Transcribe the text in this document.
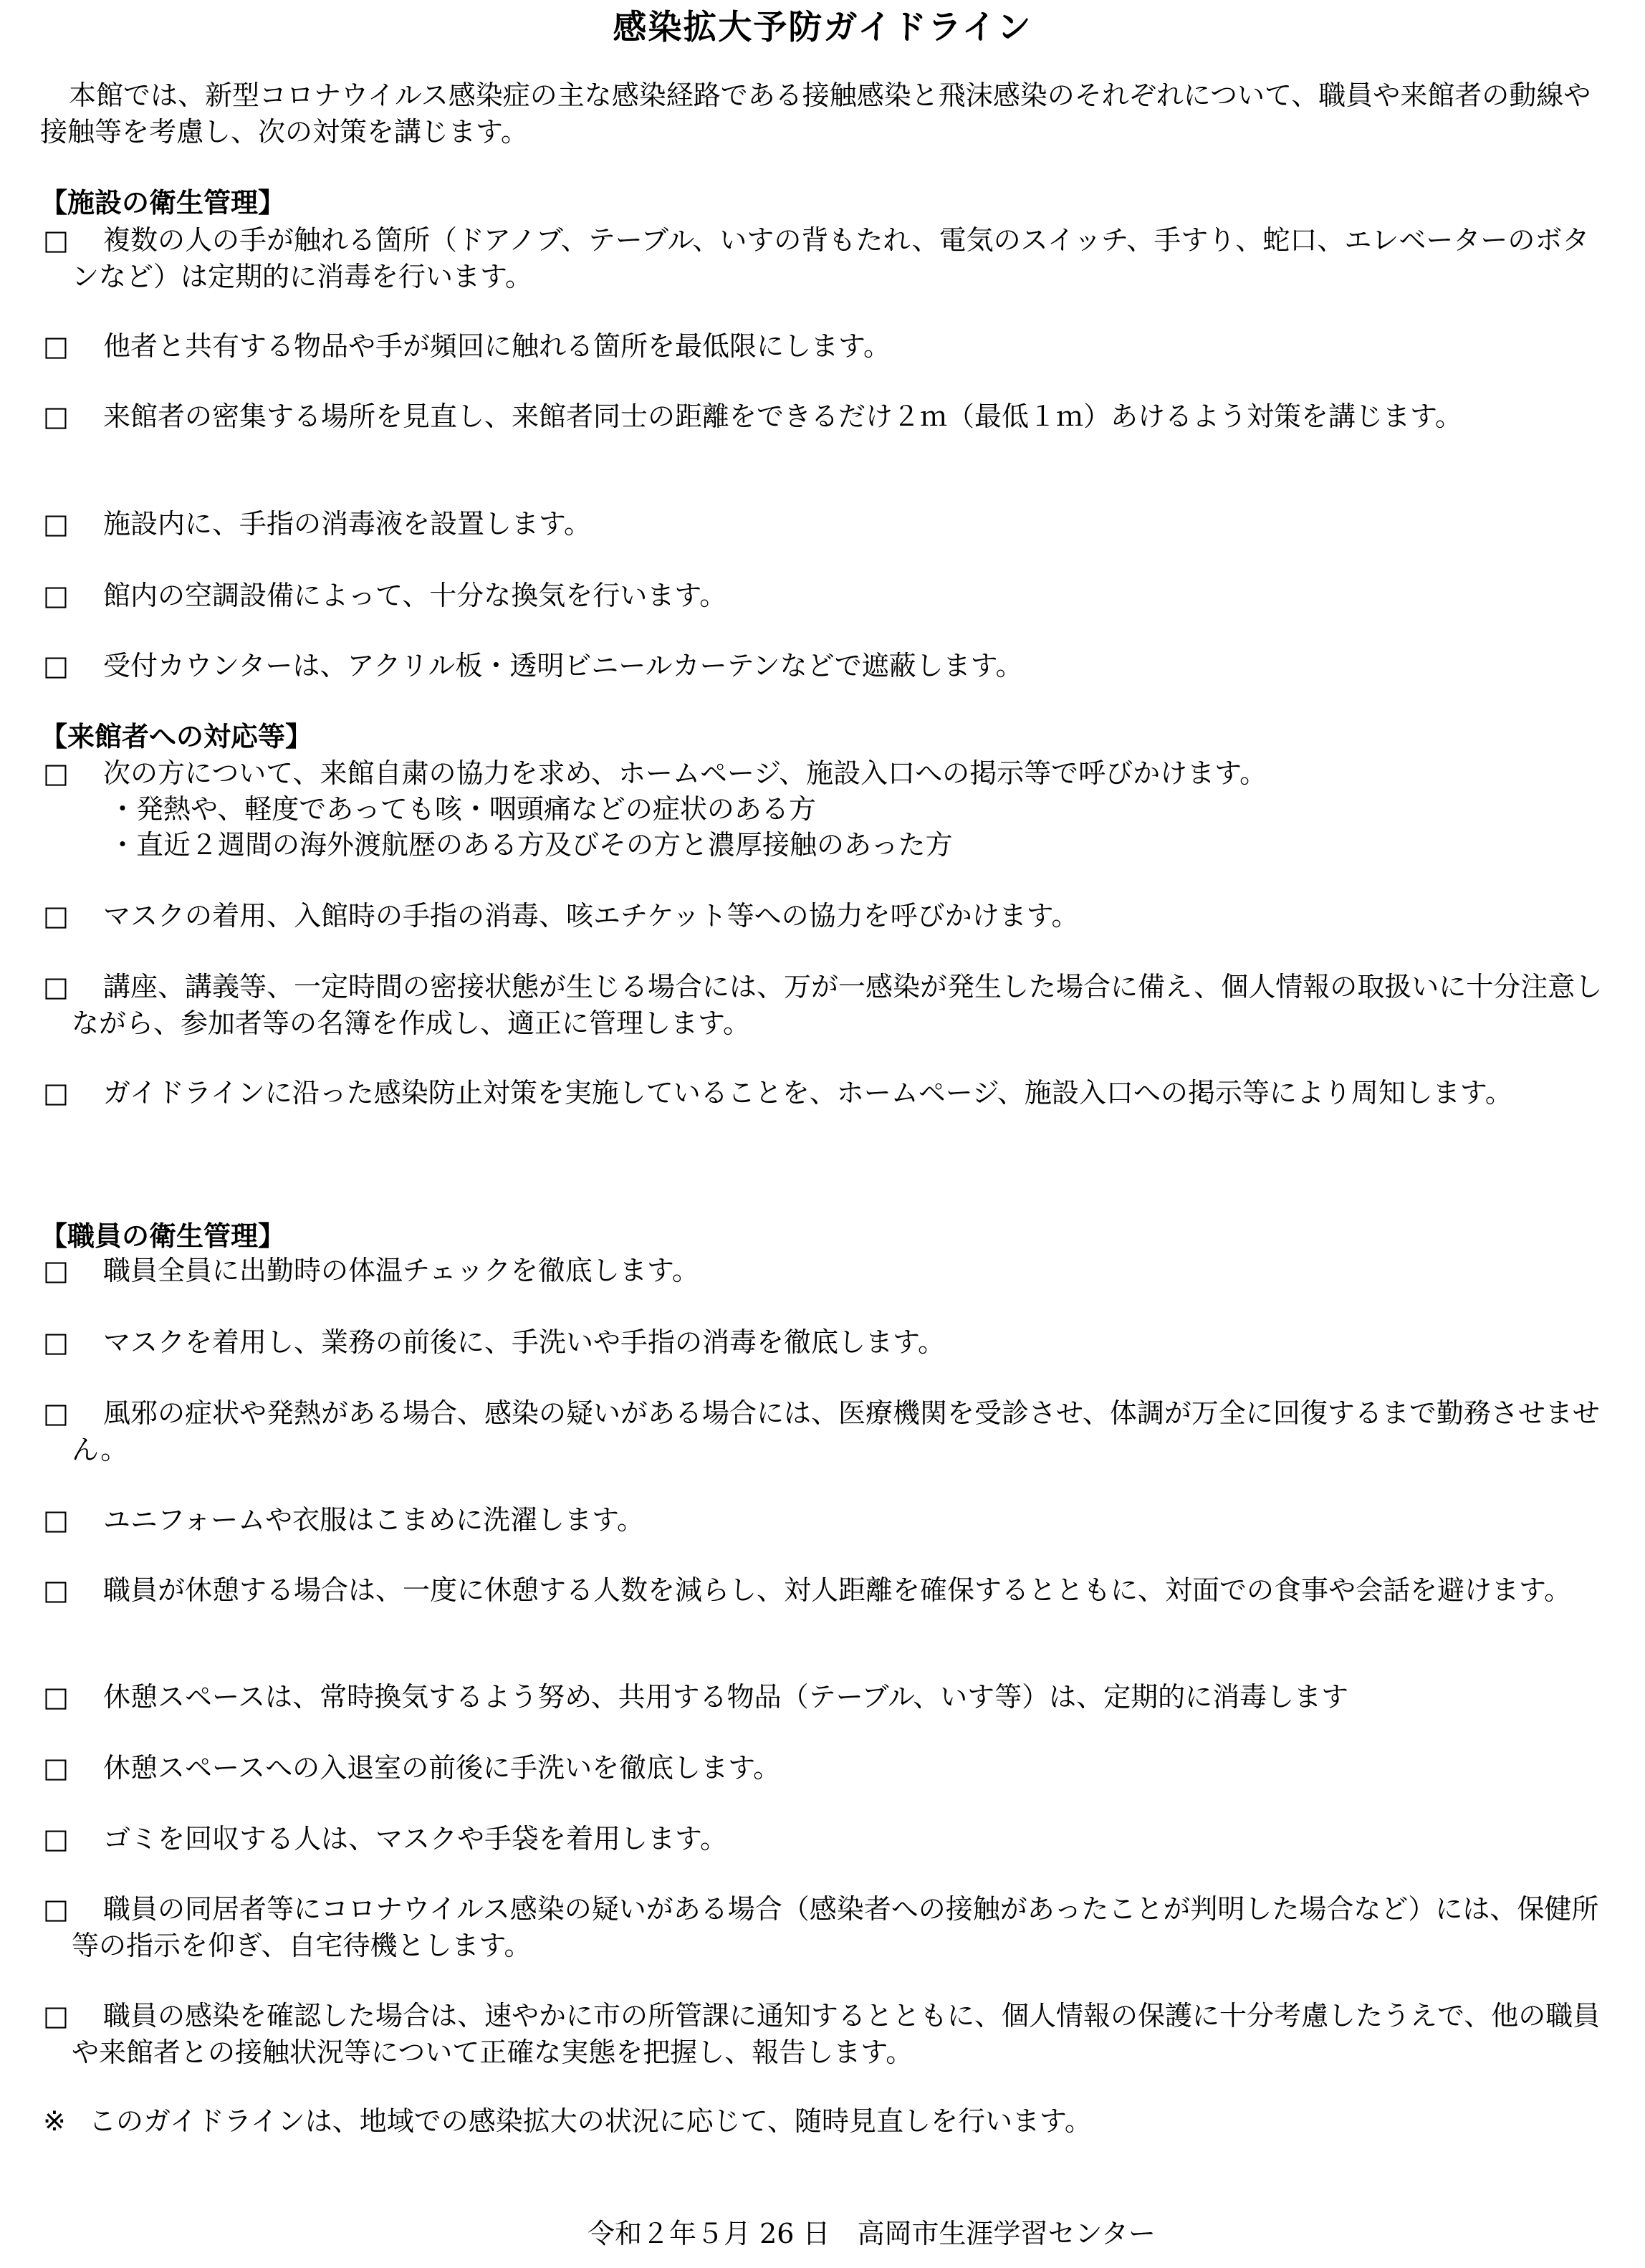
感染拡大予防ガイドライン
本館では、新型コロナウイルス感染症の主な感染経路である接触感染と飛沫感染のそれぞれについて、職員や来館者の動線や接触等を考慮し、次の対策を講じます。
【施設の衛生管理】
□	複数の人の手が触れる箇所（ドアノブ、テーブル、いすの背もたれ、電気のスイッチ、手すり、蛇口、エレベーターのボタンなど）は定期的に消毒を行います。
□	他者と共有する物品や手が頻回に触れる箇所を最低限にします。
□	来館者の密集する場所を見直し、来館者同士の距離をできるだけ２ｍ（最低１ｍ）あけるよう対策を講じます。
□	施設内に、手指の消毒液を設置します。
□	館内の空調設備によって、十分な換気を行います。
□	受付カウンターは、アクリル板・透明ビニールカーテンなどで遮蔽します。
【来館者への対応等】
□	次の方について、来館自粛の協力を求め、ホームページ、施設入口への掲示等で呼びかけます。
・発熱や、軽度であっても咳・咽頭痛などの症状のある方
・直近２週間の海外渡航歴のある方及びその方と濃厚接触のあった方
□	マスクの着用、入館時の手指の消毒、咳エチケット等への協力を呼びかけます。
□	講座、講義等、一定時間の密接状態が生じる場合には、万が一感染が発生した場合に備え、個人情報の取扱いに十分注意しながら、参加者等の名簿を作成し、適正に管理します。
□	ガイドラインに沿った感染防止対策を実施していることを、ホームページ、施設入口への掲示等により周知します。
【職員の衛生管理】
□	職員全員に出勤時の体温チェックを徹底します。
□	マスクを着用し、業務の前後に、手洗いや手指の消毒を徹底します。
□	風邪の症状や発熱がある場合、感染の疑いがある場合には、医療機関を受診させ、体調が万全に回復するまで勤務させません。
□	ユニフォームや衣服はこまめに洗濯します。
□	職員が休憩する場合は、一度に休憩する人数を減らし、対人距離を確保するとともに、対面での食事や会話を避けます。
□	休憩スペースは、常時換気するよう努め、共用する物品（テーブル、いす等）は、定期的に消毒します
□	休憩スペースへの入退室の前後に手洗いを徹底します。
□	ゴミを回収する人は、マスクや手袋を着用します。
□	職員の同居者等にコロナウイルス感染の疑いがある場合（感染者への接触があったことが判明した場合など）には、保健所等の指示を仰ぎ、自宅待機とします。
□	職員の感染を確認した場合は、速やかに市の所管課に通知するとともに、個人情報の保護に十分考慮したうえで、他の職員や来館者との接触状況等について正確な実態を把握し、報告します。
※ このガイドラインは、地域での感染拡大の状況に応じて、随時見直しを行います。
令和２年５月 26 日　高岡市生涯学習センター
